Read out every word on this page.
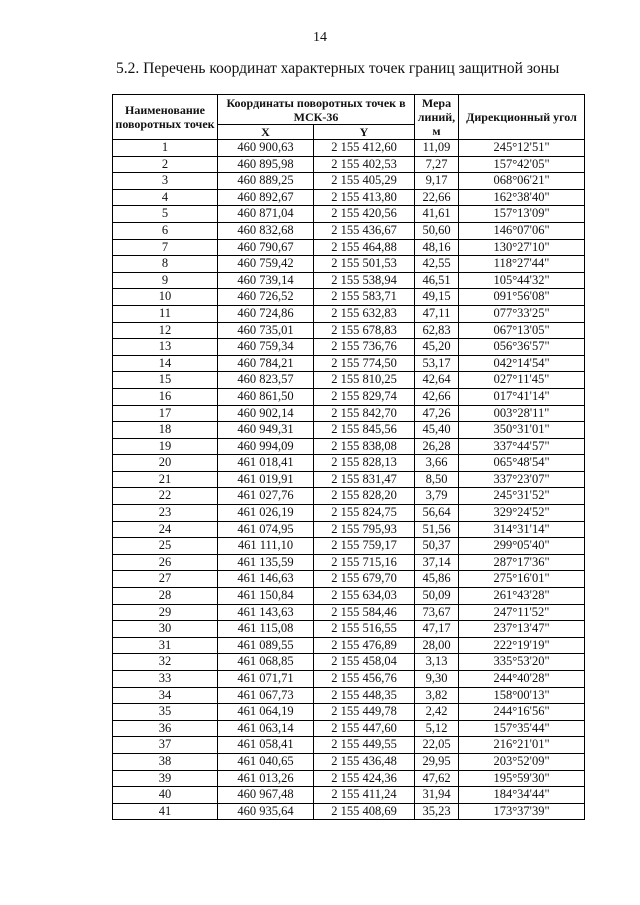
14
5.2. Перечень координат характерных точек границ защитной зоны
Наименование поворотных точек	Координаты поворотных точек в МСК-36		Мера линий, м	Дирекционный угол
	X	Y		
1	460 900,63	2 155 412,60	11,09	245°12'51"
2	460 895,98	2 155 402,53	7,27	157°42'05"
3	460 889,25	2 155 405,29	9,17	068°06'21"
4	460 892,67	2 155 413,80	22,66	162°38'40"
5	460 871,04	2 155 420,56	41,61	157°13'09"
6	460 832,68	2 155 436,67	50,60	146°07'06"
7	460 790,67	2 155 464,88	48,16	130°27'10"
8	460 759,42	2 155 501,53	42,55	118°27'44"
9	460 739,14	2 155 538,94	46,51	105°44'32"
10	460 726,52	2 155 583,71	49,15	091°56'08"
11	460 724,86	2 155 632,83	47,11	077°33'25"
12	460 735,01	2 155 678,83	62,83	067°13'05"
13	460 759,34	2 155 736,76	45,20	056°36'57"
14	460 784,21	2 155 774,50	53,17	042°14'54"
15	460 823,57	2 155 810,25	42,64	027°11'45"
16	460 861,50	2 155 829,74	42,66	017°41'14"
17	460 902,14	2 155 842,70	47,26	003°28'11"
18	460 949,31	2 155 845,56	45,40	350°31'01"
19	460 994,09	2 155 838,08	26,28	337°44'57"
20	461 018,41	2 155 828,13	3,66	065°48'54"
21	461 019,91	2 155 831,47	8,50	337°23'07"
22	461 027,76	2 155 828,20	3,79	245°31'52"
23	461 026,19	2 155 824,75	56,64	329°24'52"
24	461 074,95	2 155 795,93	51,56	314°31'14"
25	461 111,10	2 155 759,17	50,37	299°05'40"
26	461 135,59	2 155 715,16	37,14	287°17'36"
27	461 146,63	2 155 679,70	45,86	275°16'01"
28	461 150,84	2 155 634,03	50,09	261°43'28"
29	461 143,63	2 155 584,46	73,67	247°11'52"
30	461 115,08	2 155 516,55	47,17	237°13'47"
31	461 089,55	2 155 476,89	28,00	222°19'19"
32	461 068,85	2 155 458,04	3,13	335°53'20"
33	461 071,71	2 155 456,76	9,30	244°40'28"
34	461 067,73	2 155 448,35	3,82	158°00'13"
35	461 064,19	2 155 449,78	2,42	244°16'56"
36	461 063,14	2 155 447,60	5,12	157°35'44"
37	461 058,41	2 155 449,55	22,05	216°21'01"
38	461 040,65	2 155 436,48	29,95	203°52'09"
39	461 013,26	2 155 424,36	47,62	195°59'30"
40	460 967,48	2 155 411,24	31,94	184°34'44"
41	460 935,64	2 155 408,69	35,23	173°37'39"
